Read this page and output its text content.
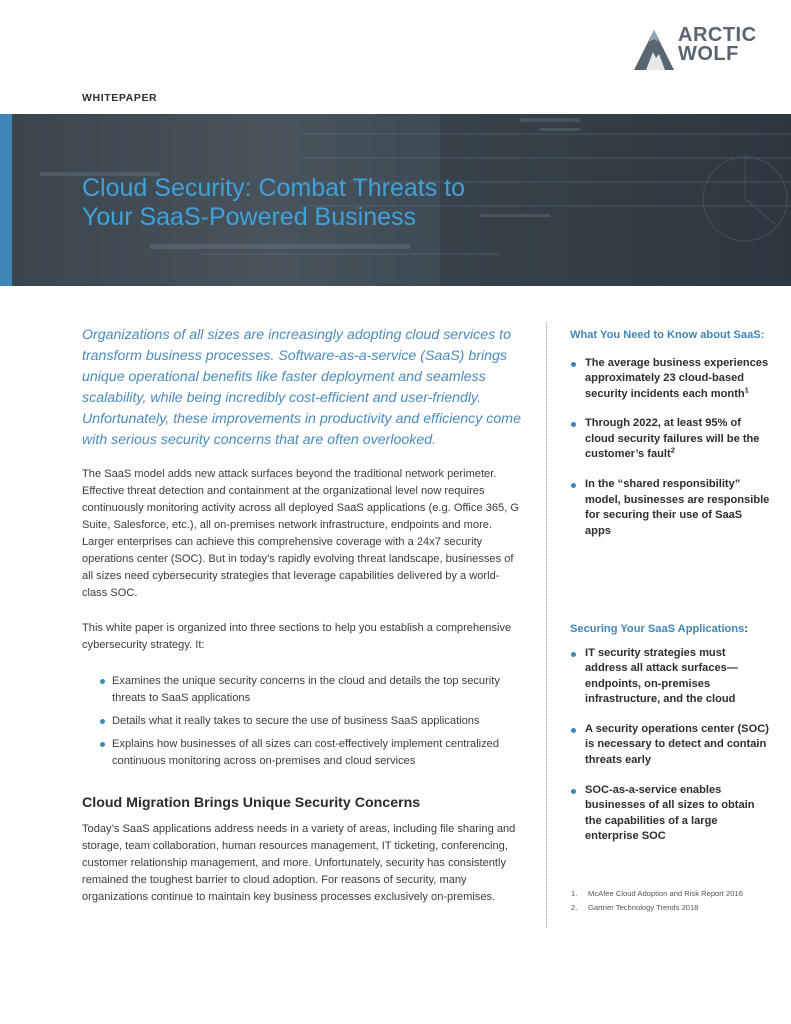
ARCTIC
WOLF
WHITEPAPER
Cloud Security: Combat Threats to
Your SaaS-Powered Business

Organizations of all sizes are increasingly adopting cloud services to transform business processes. Software-as-a-service (SaaS) brings unique operational benefits like faster deployment and seamless scalability, while being incredibly cost-efficient and user-friendly. Unfortunately, these improvements in productivity and efficiency come with serious security concerns that are often overlooked.

The SaaS model adds new attack surfaces beyond the traditional network perimeter. Effective threat detection and containment at the organizational level now requires continuously monitoring activity across all deployed SaaS applications (e.g. Office 365, G Suite, Salesforce, etc.), all on-premises network infrastructure, endpoints and more. Larger enterprises can achieve this comprehensive coverage with a 24x7 security operations center (SOC). But in today’s rapidly evolving threat landscape, businesses of all sizes need cybersecurity strategies that leverage capabilities delivered by a world-class SOC.

This white paper is organized into three sections to help you establish a comprehensive cybersecurity strategy. It:

Examines the unique security concerns in the cloud and details the top security threats to SaaS applications
Details what it really takes to secure the use of business SaaS applications
Explains how businesses of all sizes can cost-effectively implement centralized continuous monitoring across on-premises and cloud services
Cloud Migration Brings Unique Security Concerns

Today’s SaaS applications address needs in a variety of areas, including file sharing and storage, team collaboration, human resources management, IT ticketing, conferencing, customer relationship management, and more. Unfortunately, security has consistently remained the toughest barrier to cloud adoption. For reasons of security, many organizations continue to maintain key business processes exclusively on-premises.

What You Need to Know about SaaS:
The average business experiences approximately 23 cloud-based security incidents each month$^1$
Through 2022, at least 95% of cloud security failures will be the customer’s fault$^2$
In the “shared responsibility” model, businesses are responsible for securing their use of SaaS apps
Securing Your SaaS Applications:
IT security strategies must address all attack surfaces—endpoints, on-premises infrastructure, and the cloud
A security operations center (SOC) is necessary to detect and contain threats early
SOC-as-a-service enables businesses of all sizes to obtain the capabilities of a large enterprise SOC
1. McAfee Cloud Adoption and Risk Report 2016
2. Gartner Technology Trends 2018
